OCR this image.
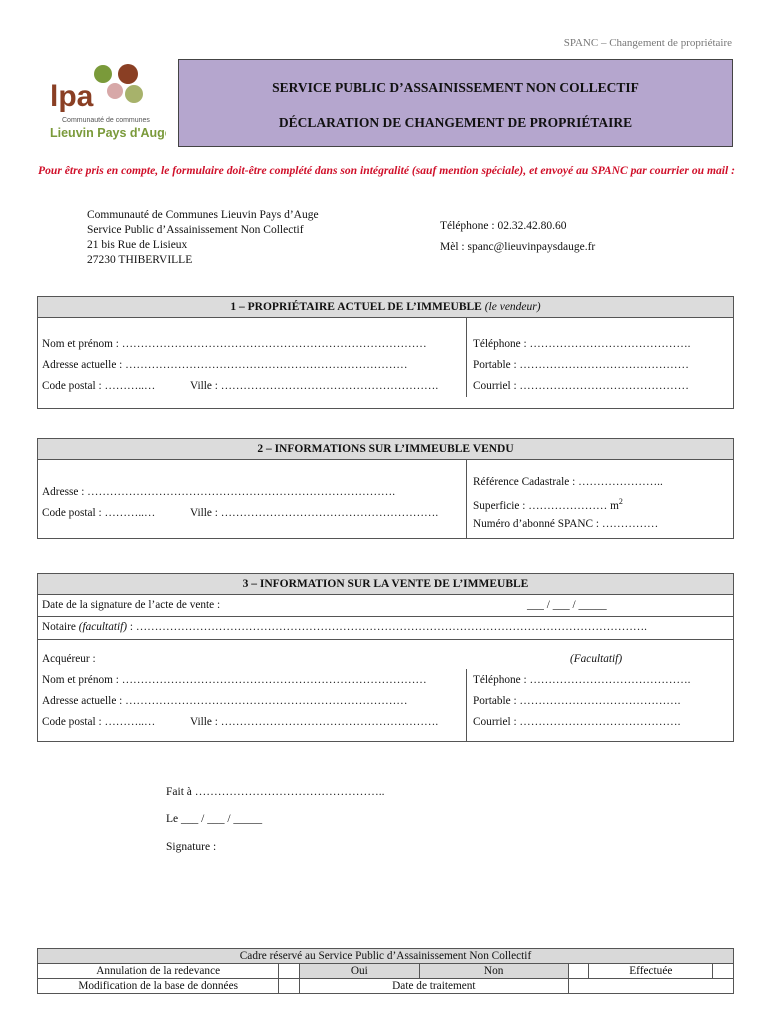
SPANC – Changement de propriétaire
lpa
Communauté de communes
Lieuvin Pays d'Auge
SERVICE PUBLIC D’ASSAINISSEMENT NON COLLECTIF
DÉCLARATION DE CHANGEMENT DE PROPRIÉTAIRE
Pour être pris en compte, le formulaire doit-être complété dans son intégralité (sauf mention spéciale), et envoyé au SPANC par courrier ou mail :
Communauté de Communes Lieuvin Pays d’Auge
Service Public d’Assainissement Non Collectif
21 bis Rue de Lisieux
27230 THIBERVILLE
Téléphone : 02.32.42.80.60
Mèl : spanc@lieuvinpaysdauge.fr
1 – PROPRIÉTAIRE ACTUEL DE L’IMMEUBLE (le vendeur)
Nom et prénom : ………………………………………………………………………
Adresse actuelle : …………………………………………………………………
Code postal : ………..…	Ville : ………………………………………………….
Téléphone : …………………………………….
Portable : ………………………………………
Courriel : ………………………………………
2 – INFORMATIONS SUR L’IMMEUBLE VENDU
Adresse : ……………………………………………………………………….
Code postal : ………..…	Ville : ………………………………………………….
Référence Cadastrale : …………………..
Superficie : ………………… $m^2$
Numéro d’abonné SPANC : ……………
3 – INFORMATION SUR LA VENTE DE L’IMMEUBLE
Date de la signature de l’acte de vente :	___ / ___ / _____
Notaire (facultatif) : ……………………………………………………………………………………………………………………….
Acquéreur :	(Facultatif)
Nom et prénom : ………………………………………………………………………
Adresse actuelle : …………………………………………………………………
Code postal : ………..…	Ville : ………………………………………………….
Téléphone : …………………………………….
Portable : …………………………………….
Courriel : …………………………………….
Fait à …………………………………………..
Le ___ / ___ / _____
Signature :
Cadre réservé au Service Public d’Assainissement Non Collectif						
Annulation de la redevance		Oui	Non		Effectuée	
Modification de la base de données		Date de traitement				
